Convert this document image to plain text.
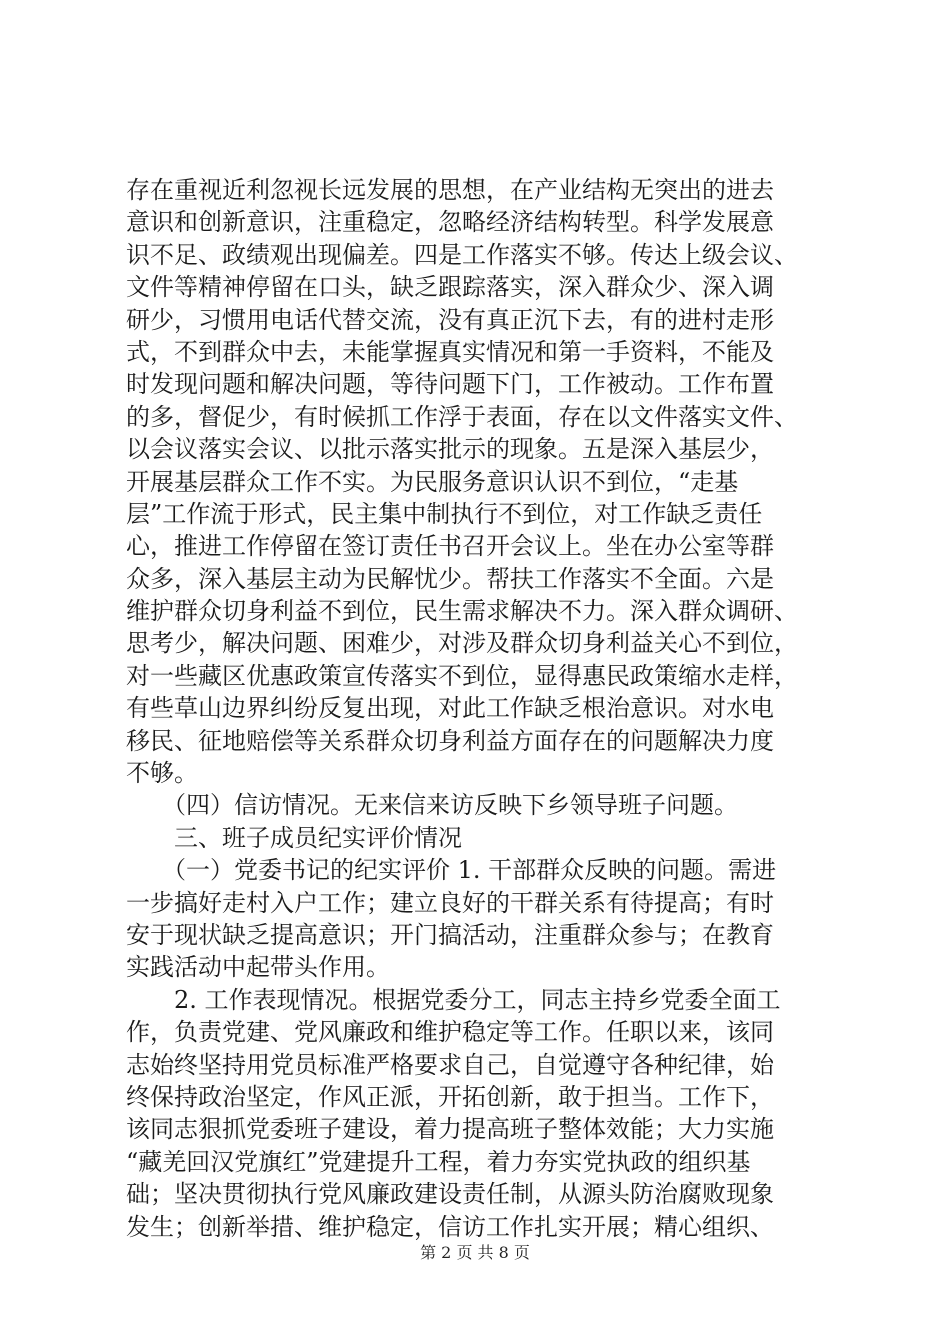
存在重视近利忽视长远发展的思想，在产业结构无突出的进去
意识和创新意识，注重稳定，忽略经济结构转型。科学发展意
识不足、政绩观出现偏差。四是工作落实不够。传达上级会议、
文件等精神停留在口头，缺乏跟踪落实，深入群众少、深入调
研少，习惯用电话代替交流，没有真正沉下去，有的进村走形
式，不到群众中去，未能掌握真实情况和第一手资料，不能及
时发现问题和解决问题，等待问题下门，工作被动。工作布置
的多，督促少，有时候抓工作浮于表面，存在以文件落实文件、
以会议落实会议、以批示落实批示的现象。五是深入基层少，
开展基层群众工作不实。为民服务意识认识不到位，“走基
层”工作流于形式，民主集中制执行不到位，对工作缺乏责任
心，推进工作停留在签订责任书召开会议上。坐在办公室等群
众多，深入基层主动为民解忧少。帮扶工作落实不全面。六是
维护群众切身利益不到位，民生需求解决不力。深入群众调研、
思考少，解决问题、困难少，对涉及群众切身利益关心不到位，
对一些藏区优惠政策宣传落实不到位，显得惠民政策缩水走样，
有些草山边界纠纷反复出现，对此工作缺乏根治意识。对水电
移民、征地赔偿等关系群众切身利益方面存在的问题解决力度
不够。
　　（四）信访情况。无来信来访反映下乡领导班子问题。
　　三、班子成员纪实评价情况
　　（一）党委书记的纪实评价 1. 干部群众反映的问题。需进
一步搞好走村入户工作；建立良好的干群关系有待提高；有时
安于现状缺乏提高意识；开门搞活动，注重群众参与；在教育
实践活动中起带头作用。
　　2. 工作表现情况。根据党委分工，同志主持乡党委全面工
作，负责党建、党风廉政和维护稳定等工作。任职以来，该同
志始终坚持用党员标准严格要求自己，自觉遵守各种纪律，始
终保持政治坚定，作风正派，开拓创新，敢于担当。工作下，
该同志狠抓党委班子建设，着力提高班子整体效能；大力实施
“藏羌回汉党旗红”党建提升工程，着力夯实党执政的组织基
础；坚决贯彻执行党风廉政建设责任制，从源头防治腐败现象
发生；创新举措、维护稳定，信访工作扎实开展；精心组织、
第 2 页 共 8 页
